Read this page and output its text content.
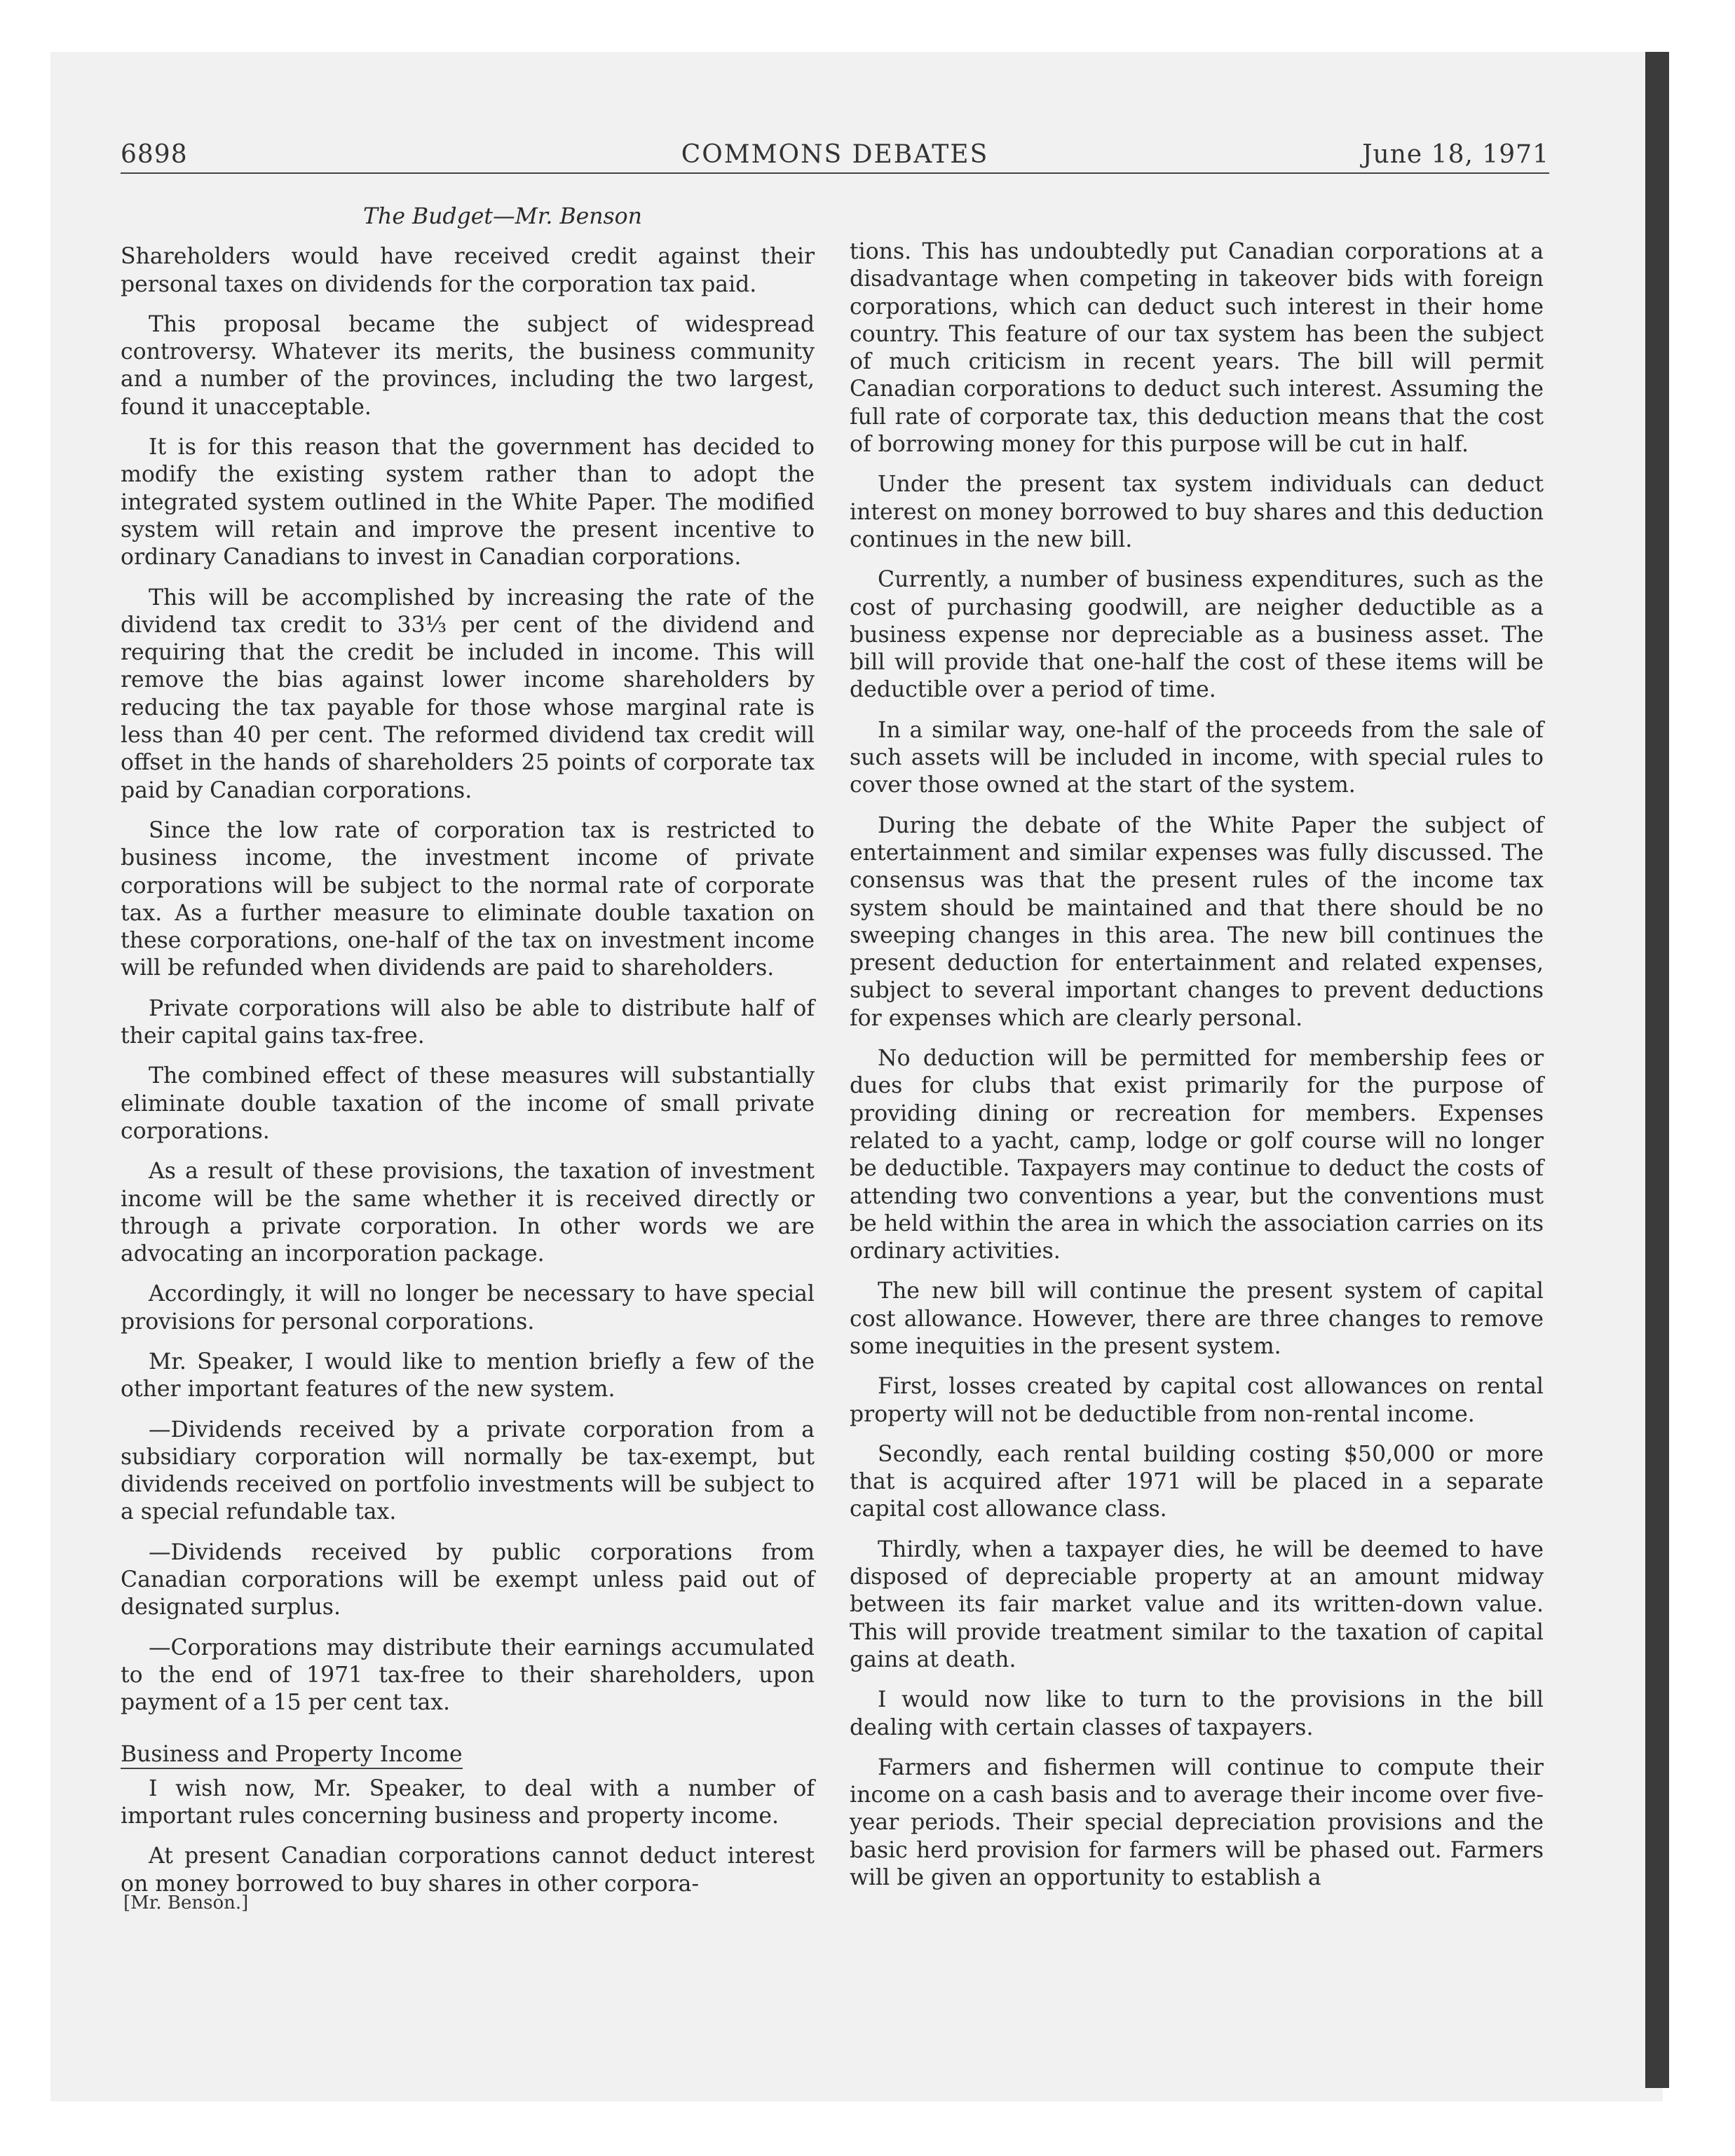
6898	COMMONS DEBATES	June 18, 1971

The Budget—Mr. Benson

Shareholders would have received credit against their personal taxes on dividends for the corporation tax paid.

This proposal became the subject of widespread controversy. Whatever its merits, the business community and a number of the provinces, including the two largest, found it unacceptable.

It is for this reason that the government has decided to modify the existing system rather than to adopt the integrated system outlined in the White Paper. The modified system will retain and improve the present incentive to ordinary Canadians to invest in Canadian corporations.

This will be accomplished by increasing the rate of the dividend tax credit to 33⅓ per cent of the dividend and requiring that the credit be included in income. This will remove the bias against lower income shareholders by reducing the tax payable for those whose marginal rate is less than 40 per cent. The reformed dividend tax credit will offset in the hands of shareholders 25 points of corporate tax paid by Canadian corporations.

Since the low rate of corporation tax is restricted to business income, the investment income of private corporations will be subject to the normal rate of corporate tax. As a further measure to eliminate double taxation on these corporations, one-half of the tax on investment income will be refunded when dividends are paid to shareholders.

Private corporations will also be able to distribute half of their capital gains tax-free.

The combined effect of these measures will substantially eliminate double taxation of the income of small private corporations.

As a result of these provisions, the taxation of investment income will be the same whether it is received directly or through a private corporation. In other words we are advocating an incorporation package.

Accordingly, it will no longer be necessary to have special provisions for personal corporations.

Mr. Speaker, I would like to mention briefly a few of the other important features of the new system.

—Dividends received by a private corporation from a subsidiary corporation will normally be tax-exempt, but dividends received on portfolio investments will be subject to a special refundable tax.

—Dividends received by public corporations from Canadian corporations will be exempt unless paid out of designated surplus.

—Corporations may distribute their earnings accumulated to the end of 1971 tax-free to their shareholders, upon payment of a 15 per cent tax.

Business and Property Income

I wish now, Mr. Speaker, to deal with a number of important rules concerning business and property income.

At present Canadian corporations cannot deduct interest on money borrowed to buy shares in other corpora-

tions. This has undoubtedly put Canadian corporations at a disadvantage when competing in takeover bids with foreign corporations, which can deduct such interest in their home country. This feature of our tax system has been the subject of much criticism in recent years. The bill will permit Canadian corporations to deduct such interest. Assuming the full rate of corporate tax, this deduction means that the cost of borrowing money for this purpose will be cut in half.

Under the present tax system individuals can deduct interest on money borrowed to buy shares and this deduction continues in the new bill.

Currently, a number of business expenditures, such as the cost of purchasing goodwill, are neigher deductible as a business expense nor depreciable as a business asset. The bill will provide that one-half the cost of these items will be deductible over a period of time.

In a similar way, one-half of the proceeds from the sale of such assets will be included in income, with special rules to cover those owned at the start of the system.

During the debate of the White Paper the subject of entertainment and similar expenses was fully discussed. The consensus was that the present rules of the income tax system should be maintained and that there should be no sweeping changes in this area. The new bill continues the present deduction for entertainment and related expenses, subject to several important changes to prevent deductions for expenses which are clearly personal.

No deduction will be permitted for membership fees or dues for clubs that exist primarily for the purpose of providing dining or recreation for members. Expenses related to a yacht, camp, lodge or golf course will no longer be deductible. Taxpayers may continue to deduct the costs of attending two conventions a year, but the conventions must be held within the area in which the association carries on its ordinary activities.

The new bill will continue the present system of capital cost allowance. However, there are three changes to remove some inequities in the present system.

First, losses created by capital cost allowances on rental property will not be deductible from non-rental income.

Secondly, each rental building costing $50,000 or more that is acquired after 1971 will be placed in a separate capital cost allowance class.

Thirdly, when a taxpayer dies, he will be deemed to have disposed of depreciable property at an amount midway between its fair market value and its written-down value. This will provide treatment similar to the taxation of capital gains at death.

I would now like to turn to the provisions in the bill dealing with certain classes of taxpayers.

Farmers and fishermen will continue to compute their income on a cash basis and to average their income over five-year periods. Their special depreciation provisions and the basic herd provision for farmers will be phased out. Farmers will be given an opportunity to establish a

[Mr. Benson.]
